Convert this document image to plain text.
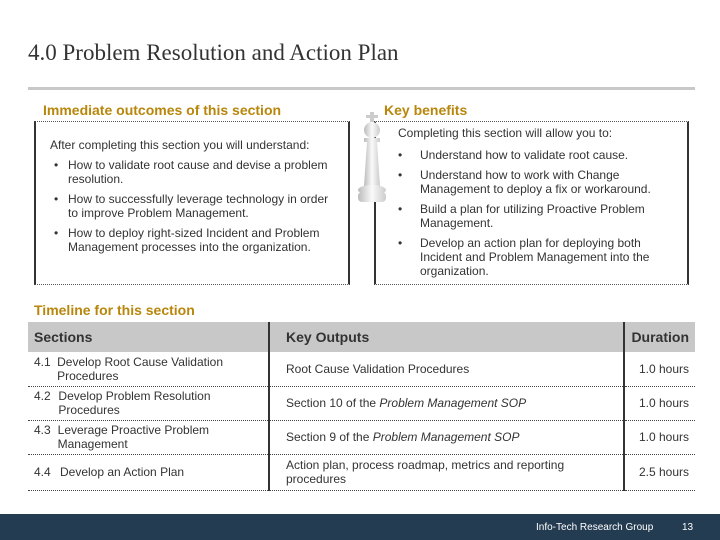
4.0 Problem Resolution and Action Plan
Immediate outcomes of this section
After completing this section you will understand:
• How to validate root cause and devise a problem resolution.
• How to successfully leverage technology in order to improve Problem Management.
• How to deploy right-sized Incident and Problem Management processes into the organization.
Key benefits
Completing this section will allow you to:
• Understand how to validate root cause.
• Understand how to work with Change Management to deploy a fix or workaround.
• Build a plan for utilizing Proactive Problem Management.
• Develop an action plan for deploying both Incident and Problem Management into the organization.
Timeline for this section
Sections	Key Outputs	Duration

4.1 Develop Root Cause Validation Procedures	Root Cause Validation Procedures	1.0 hours

4.2 Develop Problem Resolution Procedures	Section 10 of the Problem Management SOP	1.0 hours

4.3 Leverage Proactive Problem Management	Section 9 of the Problem Management SOP	1.0 hours

4.4 Develop an Action Plan	Action plan, process roadmap, metrics and reporting procedures	2.5 hours
Info-Tech Research Group	13
